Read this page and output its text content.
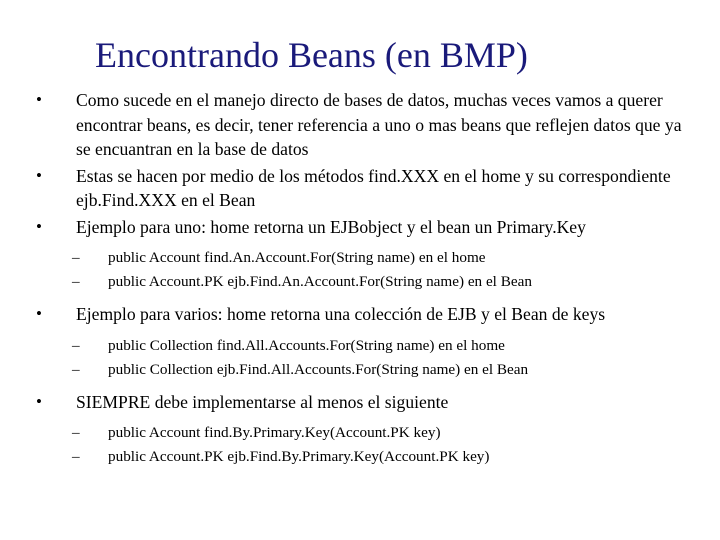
Encontrando Beans (en BMP)
• Como sucede en el manejo directo de bases de datos, muchas veces vamos a querer encontrar beans, es decir, tener referencia a uno o mas beans que reflejen datos que ya se encuantran en la base de datos
• Estas se hacen por medio de los métodos find.XXX en el home y su correspondiente ejb.Find.XXX en el Bean
• Ejemplo para uno: home retorna un EJBobject y el bean un Primary.Key
– public Account find.An.Account.For(String name) en el home
– public Account.PK ejb.Find.An.Account.For(String name) en el Bean
• Ejemplo para varios: home retorna una colección de EJB y el Bean de keys
– public Collection find.All.Accounts.For(String name) en el home
– public Collection ejb.Find.All.Accounts.For(String name) en el Bean
• SIEMPRE debe implementarse al menos el siguiente
– public Account find.By.Primary.Key(Account.PK key)
– public Account.PK ejb.Find.By.Primary.Key(Account.PK key)
